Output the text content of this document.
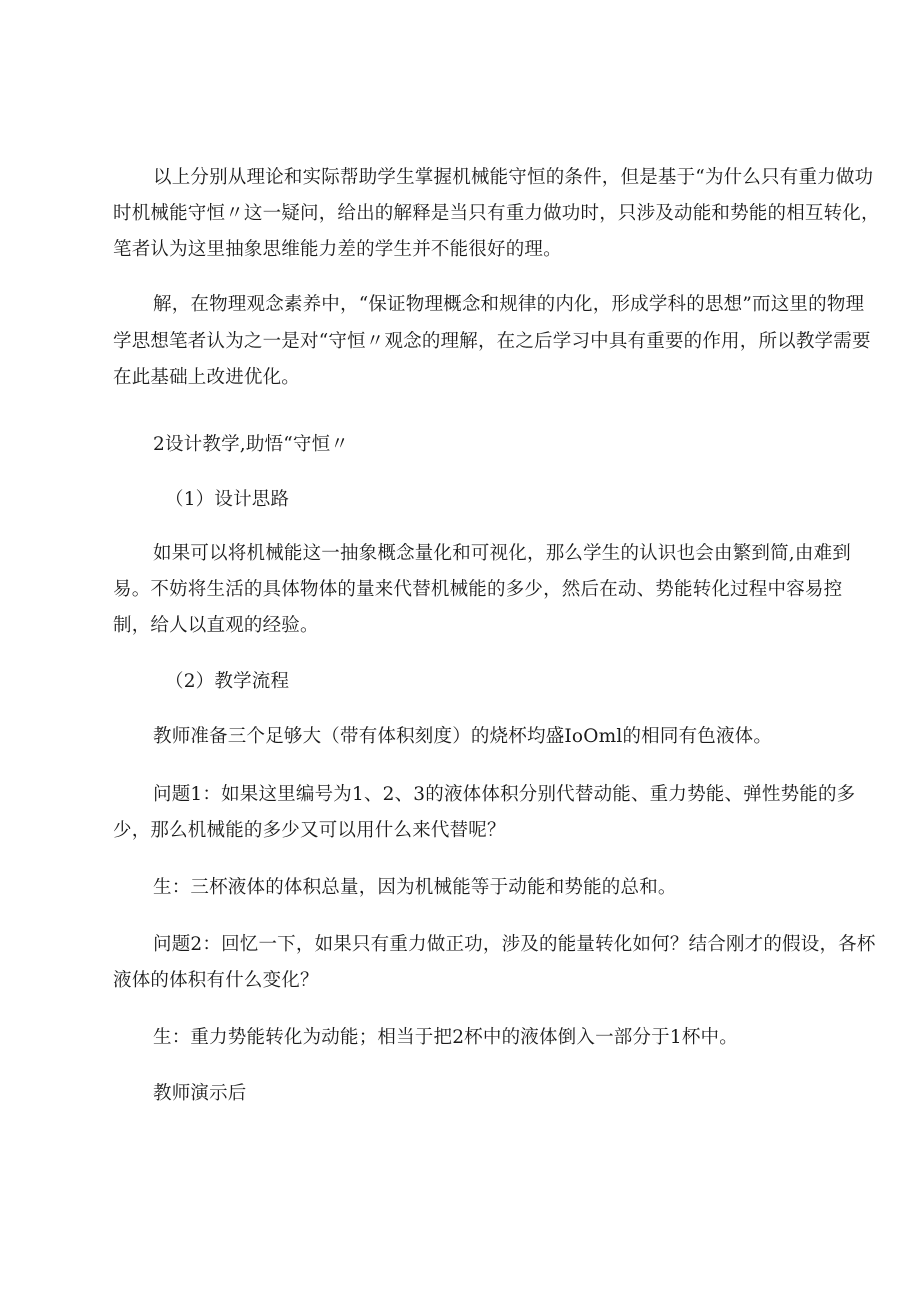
以上分别从理论和实际帮助学生掌握机械能守恒的条件，但是基于“为什么只有重力做功
时机械能守恒〃这一疑问，给出的解释是当只有重力做功时，只涉及动能和势能的相互转化，
笔者认为这里抽象思维能力差的学生并不能很好的理。
解，在物理观念素养中，“保证物理概念和规律的内化，形成学科的思想”而这里的物理
学思想笔者认为之一是对“守恒〃观念的理解，在之后学习中具有重要的作用，所以教学需要
在此基础上改进优化。
2设计教学,助悟“守恒〃
（1）设计思路
如果可以将机械能这一抽象概念量化和可视化，那么学生的认识也会由繁到简,由难到
易。不妨将生活的具体物体的量来代替机械能的多少，然后在动、势能转化过程中容易控
制，给人以直观的经验。
（2）教学流程
教师准备三个足够大（带有体积刻度）的烧杯均盛IoOml的相同有色液体。
问题1：如果这里编号为1、2、3的液体体积分别代替动能、重力势能、弹性势能的多
少，那么机械能的多少又可以用什么来代替呢？
生：三杯液体的体积总量，因为机械能等于动能和势能的总和。
问题2：回忆一下，如果只有重力做正功，涉及的能量转化如何？结合刚才的假设，各杯
液体的体积有什么变化？
生：重力势能转化为动能；相当于把2杯中的液体倒入一部分于1杯中。
教师演示后
